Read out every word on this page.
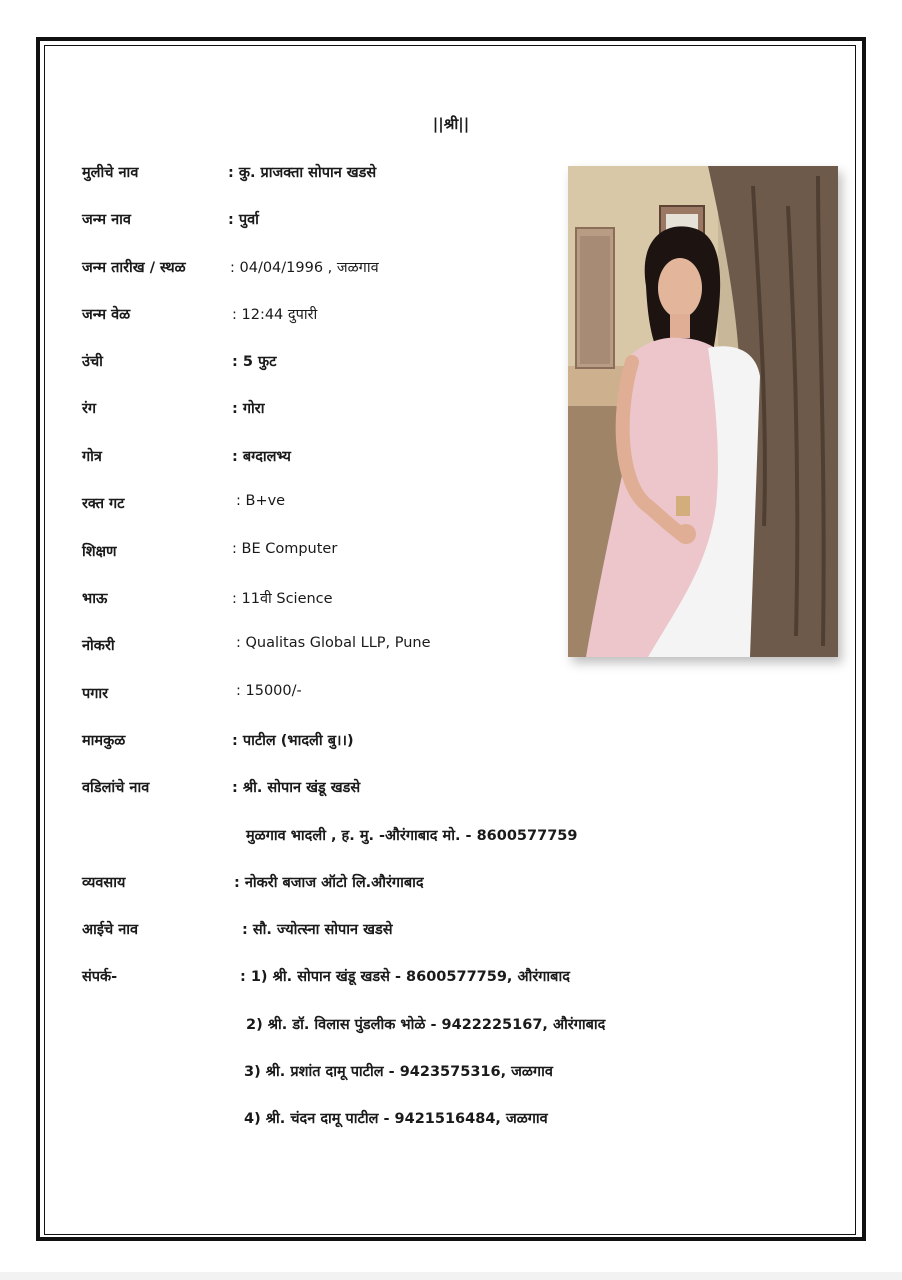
||श्री||
मुलीचे नाव	: कु. प्राजक्ता सोपान खडसे
जन्म नाव	: पुर्वा
जन्म तारीख / स्थळ	: 04/04/1996 , जळगाव
जन्म वेळ	: 12:44 दुपारी
उंची	: 5 फुट
रंग	: गोरा
गोत्र	: बग्दालभ्य
रक्त गट	: B+ve
शिक्षण	: BE Computer
भाऊ	: 11वी Science
नोकरी	: Qualitas Global LLP, Pune
पगार	: 15000/-
मामकुळ	: पाटील (भादली बु।।)
वडिलांचे नाव	: श्री. सोपान खंडू खडसे
मुळगाव भादली , ह. मु. -औरंगाबाद मो. - 8600577759
व्यवसाय	: नोकरी बजाज ऑटो लि.औरंगाबाद
आईचे नाव	: सौ. ज्योत्स्ना सोपान खडसे
संपर्क-	: 1) श्री. सोपान खंडू खडसे - 8600577759, औरंगाबाद
2) श्री. डॉ. विलास पुंडलीक भोळे - 9422225167, औरंगाबाद
3) श्री. प्रशांत दामू पाटील - 9423575316, जळगाव
4) श्री. चंदन दामू पाटील - 9421516484, जळगाव
